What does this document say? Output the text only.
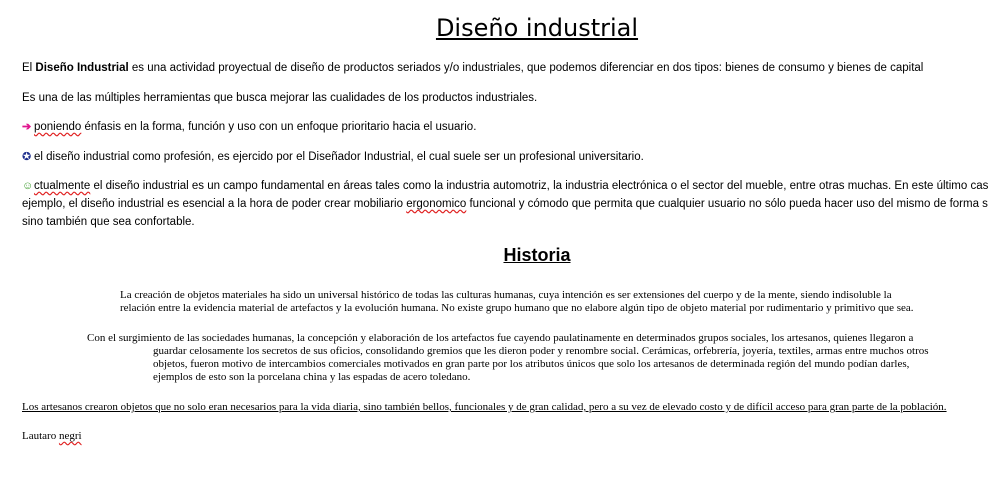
Diseño industrial
El Diseño Industrial es una actividad proyectual de diseño de productos seriados y/o industriales, que podemos diferenciar en dos tipos: bienes de consumo y bienes de capital
Es una de las múltiples herramientas que busca mejorar las cualidades de los productos industriales.
➔ poniendo énfasis en la forma, función y uso con un enfoque prioritario hacia el usuario.
✪ el diseño industrial como profesión, es ejercido por el Diseñador Industrial, el cual suele ser un profesional universitario.
☺ctualmente el diseño industrial es un campo fundamental en áreas tales como la industria automotriz, la industria electrónica o el sector del mueble, entre otras muchas. En este último cas
ejemplo, el diseño industrial es esencial a la hora de poder crear mobiliario ergonomico funcional y cómodo que permita que cualquier usuario no sólo pueda hacer uso del mismo de forma s
sino también que sea confortable.
Historia
La creación de objetos materiales ha sido un universal histórico de todas las culturas humanas, cuya intención es ser extensiones del cuerpo y de la mente, siendo indisoluble la
relación entre la evidencia material de artefactos y la evolución humana. No existe grupo humano que no elabore algún tipo de objeto material por rudimentario y primitivo que sea.
Con el surgimiento de las sociedades humanas, la concepción y elaboración de los artefactos fue cayendo paulatinamente en determinados grupos sociales, los artesanos, quienes llegaron a
guardar celosamente los secretos de sus oficios, consolidando gremios que les dieron poder y renombre social. Cerámicas, orfebrería, joyería, textiles, armas entre muchos otros
objetos, fueron motivo de intercambios comerciales motivados en gran parte por los atributos únicos que solo los artesanos de determinada región del mundo podían darles,
ejemplos de esto son la porcelana china y las espadas de acero toledano.
Los artesanos crearon objetos que no solo eran necesarios para la vida diaria, sino también bellos, funcionales y de gran calidad, pero a su vez de elevado costo y de difícil acceso para gran parte de la población.
Lautaro negri
